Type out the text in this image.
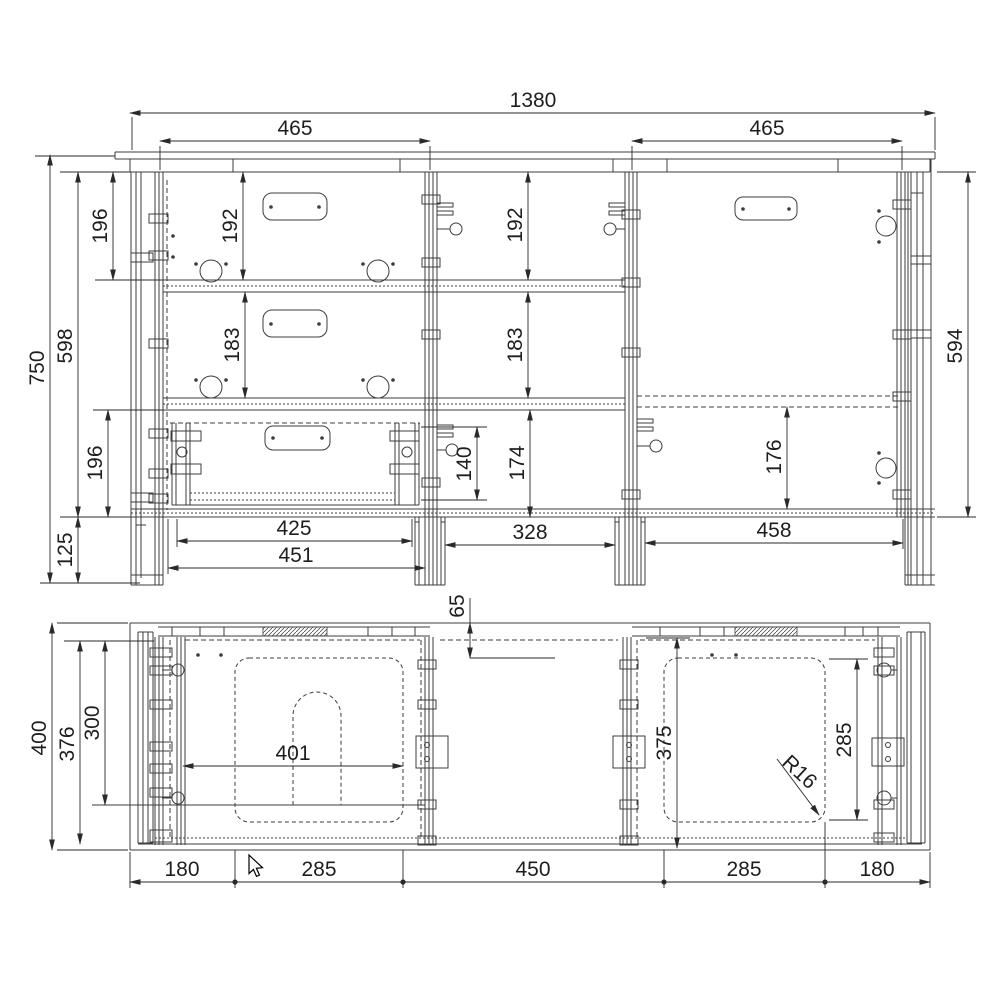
1380
465	465
750
598
196
196
125
192
183
192
183
174
140	176
594
425
451
328	458
65
400 376
300
401	375	285
R16
180	285	450	285	180
